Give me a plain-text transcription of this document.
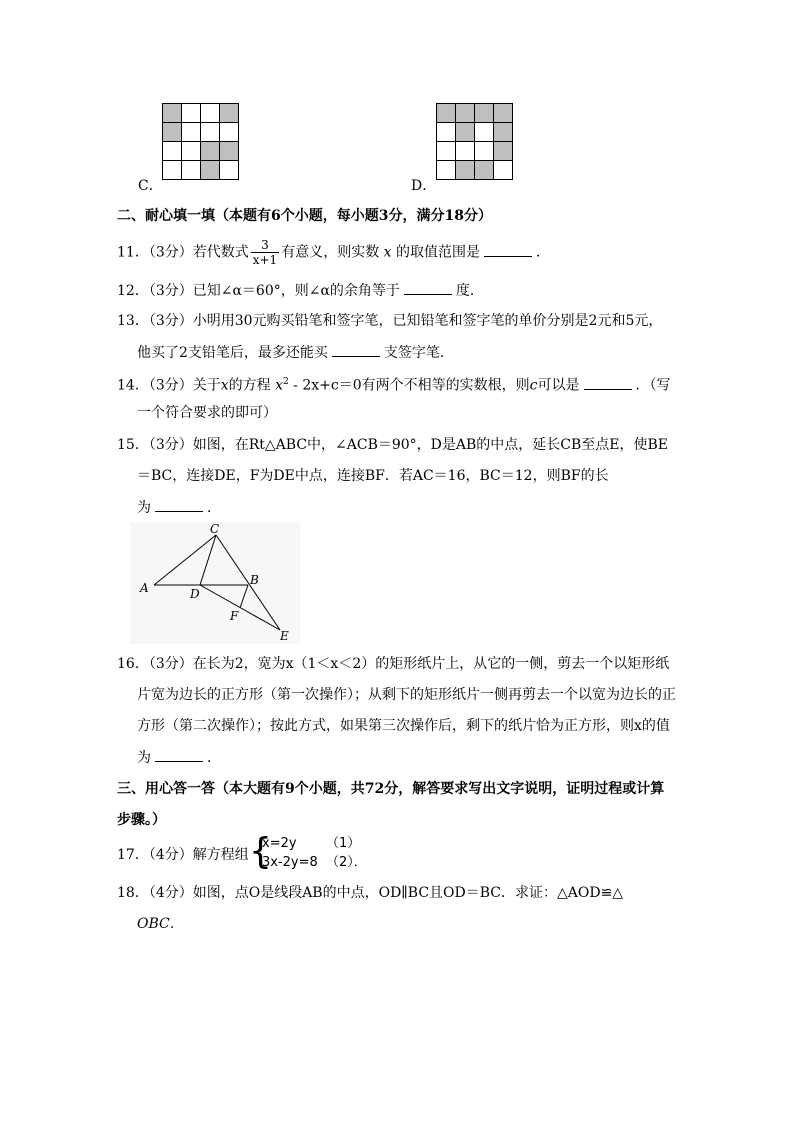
C．

				D．

二、耐心填一填（本题有6个小题，每小题3分，满分18分）
11．（3分）若代数式 $\frac{3}{x+1}$ 有意义，则实数 x 的取值范围是	．
12．（3分）已知∠α＝60°，则∠α的余角等于	度．
13．（3分）小明用30元购买铅笔和签字笔，已知铅笔和签字笔的单价分别是2元和5元，
他买了2支铅笔后，最多还能买	支签字笔．
14．（3分）关于x的方程 $x^2 - 2x+c=0$有两个不相等的实数根，则c可以是	．（写
一个符合要求的即可）
15．（3分）如图，在Rt△ABC中，∠ACB＝90°，D是AB的中点，延长CB至点E，使BE
＝BC，连接DE，F为DE中点，连接BF．若AC＝16，BC＝12，则BF的长
为	．
A
B
C
D
E
F
16．（3分）在长为2，宽为x（1＜x＜2）的矩形纸片上，从它的一侧，剪去一个以矩形纸
片宽为边长的正方形（第一次操作）；从剩下的矩形纸片一侧再剪去一个以宽为边长的正
方形（第二次操作）；按此方式，如果第三次操作后，剩下的纸片恰为正方形，则x的值
为	．
三、用心答一答（本大题有9个小题，共72分，解答要求写出文字说明，证明过程或计算
步骤。）
17．（4分）解方程组 {
x=2y （1）
3x-2y=8 （2）．
18．（4分）如图，点O是线段AB的中点，OD∥BC且OD＝BC．求证：△AOD≌△
OBC．
